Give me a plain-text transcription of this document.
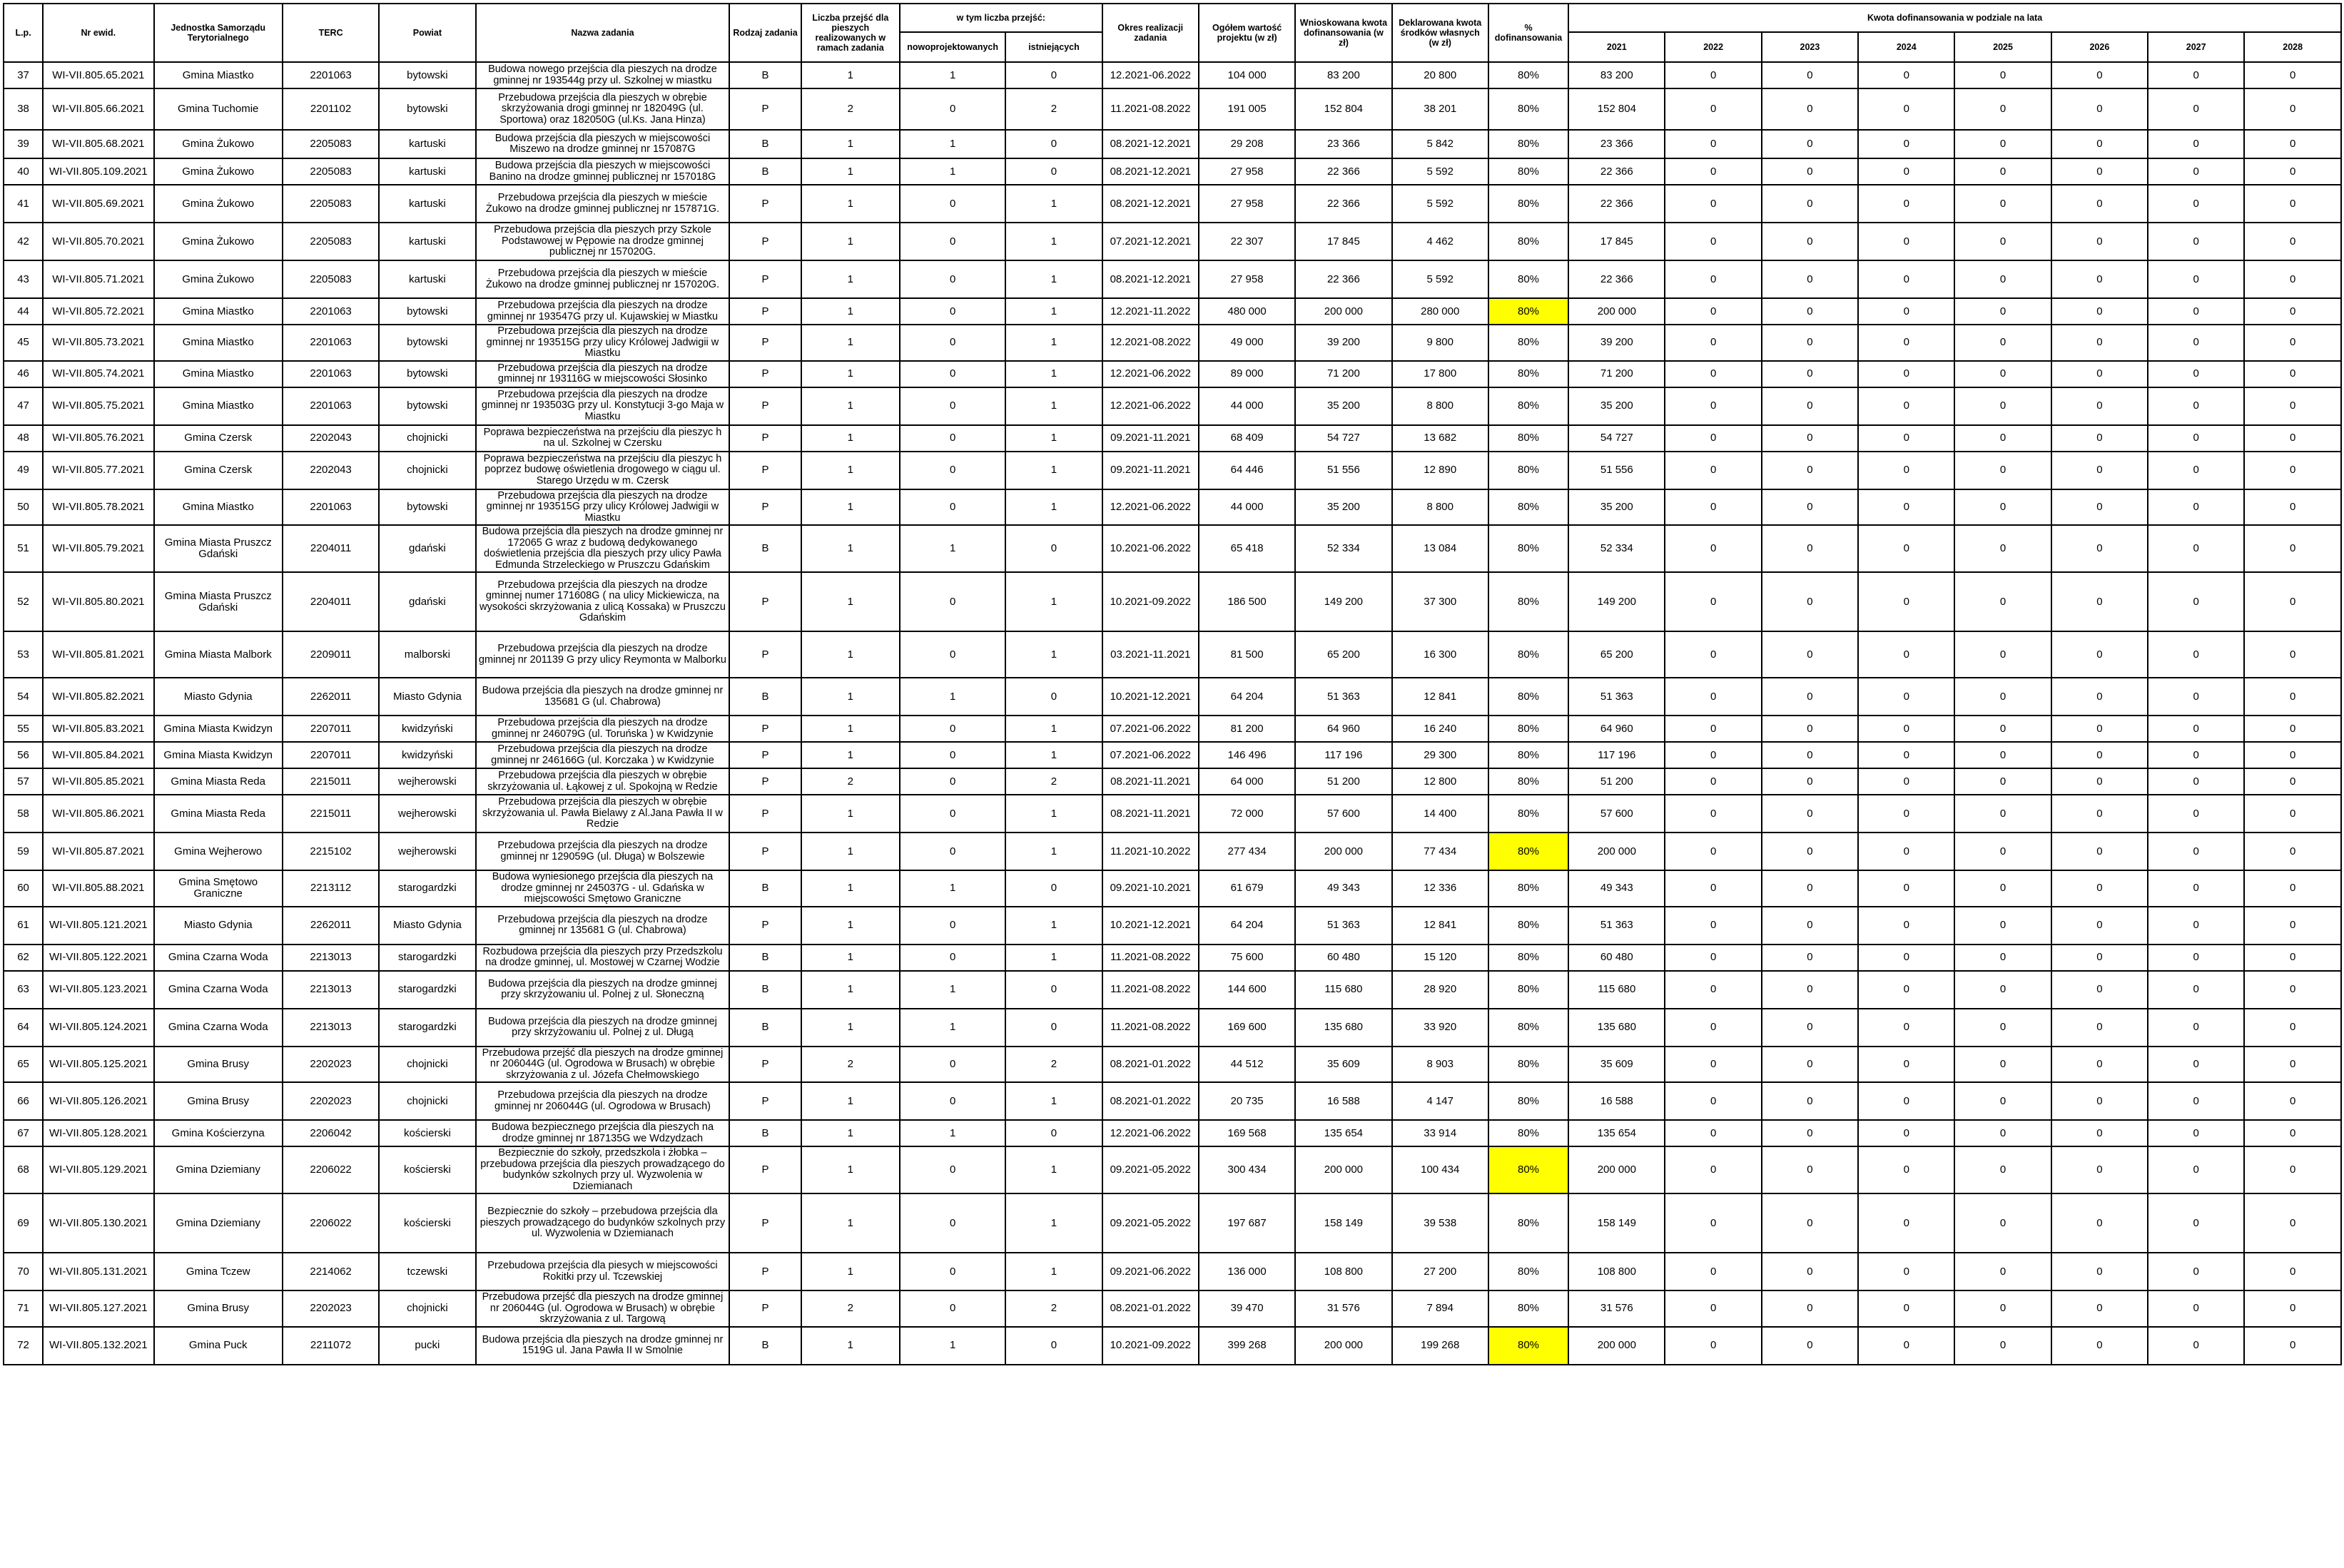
L.p.	Nr ewid.	Jednostka Samorządu Terytorialnego	TERC	Powiat	Nazwa zadania	Rodzaj zadania	Liczba przejść dla pieszych realizowanych w ramach zadania	w tym liczba przejść:		Okres realizacji zadania	Ogółem wartość projektu (w zł)	Wnioskowana kwota dofinansowania (w zł)	Deklarowana kwota środków własnych (w zł)	% dofinansowania	Kwota dofinansowania w podziale na lata							
								nowoprojektowanych	istniejących						2021	2022	2023	2024	2025	2026	2027	2028
37	WI-VII.805.65.2021	Gmina Miastko	2201063	bytowski	Budowa nowego przejścia dla pieszych na drodze gminnej nr 193544g przy ul. Szkolnej w miastku	B	1	1	0	12.2021-06.2022	104 000	83 200	20 800	80%	83 200	0	0	0	0	0	0	0
38	WI-VII.805.66.2021	Gmina Tuchomie	2201102	bytowski	Przebudowa przejścia dla pieszych w obrębie skrzyżowania drogi gminnej nr 182049G (ul. Sportowa) oraz 182050G (ul.Ks. Jana Hinza)	P	2	0	2	11.2021-08.2022	191 005	152 804	38 201	80%	152 804	0	0	0	0	0	0	0
39	WI-VII.805.68.2021	Gmina Żukowo	2205083	kartuski	Budowa przejścia dla pieszych w miejscowości Miszewo na drodze gminnej nr 157087G	B	1	1	0	08.2021-12.2021	29 208	23 366	5 842	80%	23 366	0	0	0	0	0	0	0
40	WI-VII.805.109.2021	Gmina Żukowo	2205083	kartuski	Budowa przejścia dla pieszych w miejscowości Banino na drodze gminnej publicznej nr 157018G	B	1	1	0	08.2021-12.2021	27 958	22 366	5 592	80%	22 366	0	0	0	0	0	0	0
41	WI-VII.805.69.2021	Gmina Żukowo	2205083	kartuski	Przebudowa przejścia dla pieszych w mieście Żukowo na drodze gminnej publicznej nr 157871G.	P	1	0	1	08.2021-12.2021	27 958	22 366	5 592	80%	22 366	0	0	0	0	0	0	0
42	WI-VII.805.70.2021	Gmina Żukowo	2205083	kartuski	Przebudowa przejścia dla pieszych przy Szkole Podstawowej w Pępowie na drodze gminnej publicznej nr 157020G.	P	1	0	1	07.2021-12.2021	22 307	17 845	4 462	80%	17 845	0	0	0	0	0	0	0
43	WI-VII.805.71.2021	Gmina Żukowo	2205083	kartuski	Przebudowa przejścia dla pieszych w mieście Żukowo na drodze gminnej publicznej nr 157020G.	P	1	0	1	08.2021-12.2021	27 958	22 366	5 592	80%	22 366	0	0	0	0	0	0	0
44	WI-VII.805.72.2021	Gmina Miastko	2201063	bytowski	Przebudowa przejścia dla pieszych na drodze gminnej nr 193547G przy ul. Kujawskiej w Miastku	P	1	0	1	12.2021-11.2022	480 000	200 000	280 000	80%	200 000	0	0	0	0	0	0	0
45	WI-VII.805.73.2021	Gmina Miastko	2201063	bytowski	Przebudowa przejścia dla pieszych na drodze gminnej nr 193515G przy ulicy Królowej Jadwigii w Miastku	P	1	0	1	12.2021-08.2022	49 000	39 200	9 800	80%	39 200	0	0	0	0	0	0	0
46	WI-VII.805.74.2021	Gmina Miastko	2201063	bytowski	Przebudowa przejścia dla pieszych na drodze gminnej nr 193116G w miejscowości Słosinko	P	1	0	1	12.2021-06.2022	89 000	71 200	17 800	80%	71 200	0	0	0	0	0	0	0
47	WI-VII.805.75.2021	Gmina Miastko	2201063	bytowski	Przebudowa przejścia dla pieszych na drodze gminnej nr 193503G przy ul. Konstytucji 3-go Maja w Miastku	P	1	0	1	12.2021-06.2022	44 000	35 200	8 800	80%	35 200	0	0	0	0	0	0	0
48	WI-VII.805.76.2021	Gmina Czersk	2202043	chojnicki	Poprawa bezpieczeństwa na przejściu dla pieszyc h na ul. Szkolnej w Czersku	P	1	0	1	09.2021-11.2021	68 409	54 727	13 682	80%	54 727	0	0	0	0	0	0	0
49	WI-VII.805.77.2021	Gmina Czersk	2202043	chojnicki	Poprawa bezpieczeństwa na przejściu dla pieszyc h poprzez budowę oświetlenia drogowego w ciągu ul. Starego Urzędu w m. Czersk	P	1	0	1	09.2021-11.2021	64 446	51 556	12 890	80%	51 556	0	0	0	0	0	0	0
50	WI-VII.805.78.2021	Gmina Miastko	2201063	bytowski	Przebudowa przejścia dla pieszych na drodze gminnej nr 193515G przy ulicy Królowej Jadwigii w Miastku	P	1	0	1	12.2021-06.2022	44 000	35 200	8 800	80%	35 200	0	0	0	0	0	0	0
51	WI-VII.805.79.2021	Gmina Miasta Pruszcz Gdański	2204011	gdański	Budowa przejścia dla pieszych na drodze gminnej nr 172065 G wraz z budową dedykowanego doświetlenia przejścia dla pieszych przy ulicy Pawła Edmunda Strzeleckiego w Pruszczu Gdańskim	B	1	1	0	10.2021-06.2022	65 418	52 334	13 084	80%	52 334	0	0	0	0	0	0	0
52	WI-VII.805.80.2021	Gmina Miasta Pruszcz Gdański	2204011	gdański	Przebudowa przejścia dla pieszych na drodze gminnej numer 171608G ( na ulicy Mickiewicza, na wysokości skrzyżowania z ulicą Kossaka) w Pruszczu Gdańskim	P	1	0	1	10.2021-09.2022	186 500	149 200	37 300	80%	149 200	0	0	0	0	0	0	0
53	WI-VII.805.81.2021	Gmina Miasta Malbork	2209011	malborski	Przebudowa przejścia dla pieszych na drodze gminnej nr 201139 G przy ulicy Reymonta w Malborku	P	1	0	1	03.2021-11.2021	81 500	65 200	16 300	80%	65 200	0	0	0	0	0	0	0
54	WI-VII.805.82.2021	Miasto Gdynia	2262011	Miasto Gdynia	Budowa przejścia dla pieszych na drodze gminnej nr 135681 G (ul. Chabrowa)	B	1	1	0	10.2021-12.2021	64 204	51 363	12 841	80%	51 363	0	0	0	0	0	0	0
55	WI-VII.805.83.2021	Gmina Miasta Kwidzyn	2207011	kwidzyński	Przebudowa przejścia dla pieszych na drodze gminnej nr 246079G (ul. Toruńska ) w Kwidzynie	P	1	0	1	07.2021-06.2022	81 200	64 960	16 240	80%	64 960	0	0	0	0	0	0	0
56	WI-VII.805.84.2021	Gmina Miasta Kwidzyn	2207011	kwidzyński	Przebudowa przejścia dla pieszych na drodze gminnej nr 246166G (ul. Korczaka ) w Kwidzynie	P	1	0	1	07.2021-06.2022	146 496	117 196	29 300	80%	117 196	0	0	0	0	0	0	0
57	WI-VII.805.85.2021	Gmina Miasta Reda	2215011	wejherowski	Przebudowa przejścia dla pieszych w obrębie skrzyżowania ul. Łąkowej z ul. Spokojną w Redzie	P	2	0	2	08.2021-11.2021	64 000	51 200	12 800	80%	51 200	0	0	0	0	0	0	0
58	WI-VII.805.86.2021	Gmina Miasta Reda	2215011	wejherowski	Przebudowa przejścia dla pieszych w obrębie skrzyżowania ul. Pawła Bielawy z Al.Jana Pawła II w Redzie	P	1	0	1	08.2021-11.2021	72 000	57 600	14 400	80%	57 600	0	0	0	0	0	0	0
59	WI-VII.805.87.2021	Gmina Wejherowo	2215102	wejherowski	Przebudowa przejścia dla pieszych na drodze gminnej nr 129059G (ul. Długa) w Bolszewie	P	1	0	1	11.2021-10.2022	277 434	200 000	77 434	80%	200 000	0	0	0	0	0	0	0
60	WI-VII.805.88.2021	Gmina Smętowo Graniczne	2213112	starogardzki	Budowa wyniesionego przejścia dla pieszych na drodze gminnej nr 245037G - ul. Gdańska w miejscowości Smętowo Graniczne	B	1	1	0	09.2021-10.2021	61 679	49 343	12 336	80%	49 343	0	0	0	0	0	0	0
61	WI-VII.805.121.2021	Miasto Gdynia	2262011	Miasto Gdynia	Przebudowa przejścia dla pieszych na drodze gminnej nr 135681 G (ul. Chabrowa)	P	1	0	1	10.2021-12.2021	64 204	51 363	12 841	80%	51 363	0	0	0	0	0	0	0
62	WI-VII.805.122.2021	Gmina Czarna Woda	2213013	starogardzki	Rozbudowa przejścia dla pieszych przy Przedszkolu na drodze gminnej, ul. Mostowej w Czarnej Wodzie	B	1	0	1	11.2021-08.2022	75 600	60 480	15 120	80%	60 480	0	0	0	0	0	0	0
63	WI-VII.805.123.2021	Gmina Czarna Woda	2213013	starogardzki	Budowa przejścia dla pieszych na drodze gminnej przy skrzyżowaniu ul. Polnej z ul. Słoneczną	B	1	1	0	11.2021-08.2022	144 600	115 680	28 920	80%	115 680	0	0	0	0	0	0	0
64	WI-VII.805.124.2021	Gmina Czarna Woda	2213013	starogardzki	Budowa przejścia dla pieszych na drodze gminnej przy skrzyżowaniu ul. Polnej z ul. Długą	B	1	1	0	11.2021-08.2022	169 600	135 680	33 920	80%	135 680	0	0	0	0	0	0	0
65	WI-VII.805.125.2021	Gmina Brusy	2202023	chojnicki	Przebudowa przejść dla pieszych na drodze gminnej nr 206044G (ul. Ogrodowa w Brusach) w obrębie skrzyżowania z ul. Józefa Chełmowskiego	P	2	0	2	08.2021-01.2022	44 512	35 609	8 903	80%	35 609	0	0	0	0	0	0	0
66	WI-VII.805.126.2021	Gmina Brusy	2202023	chojnicki	Przebudowa przejścia dla pieszych na drodze gminnej nr 206044G (ul. Ogrodowa w Brusach)	P	1	0	1	08.2021-01.2022	20 735	16 588	4 147	80%	16 588	0	0	0	0	0	0	0
67	WI-VII.805.128.2021	Gmina Kościerzyna	2206042	kościerski	Budowa bezpiecznego przejścia dla pieszych na drodze gminnej nr 187135G we Wdzydzach	B	1	1	0	12.2021-06.2022	169 568	135 654	33 914	80%	135 654	0	0	0	0	0	0	0
68	WI-VII.805.129.2021	Gmina Dziemiany	2206022	kościerski	Bezpiecznie do szkoły, przedszkola i żłobka – przebudowa przejścia dla pieszych prowadzącego do budynków szkolnych przy ul. Wyzwolenia w Dziemianach	P	1	0	1	09.2021-05.2022	300 434	200 000	100 434	80%	200 000	0	0	0	0	0	0	0
69	WI-VII.805.130.2021	Gmina Dziemiany	2206022	kościerski	Bezpiecznie do szkoły – przebudowa przejścia dla pieszych prowadzącego do budynków szkolnych przy ul. Wyzwolenia w Dziemianach	P	1	0	1	09.2021-05.2022	197 687	158 149	39 538	80%	158 149	0	0	0	0	0	0	0
70	WI-VII.805.131.2021	Gmina Tczew	2214062	tczewski	Przebudowa przejścia dla piesych w miejscowości Rokitki przy ul. Tczewskiej	P	1	0	1	09.2021-06.2022	136 000	108 800	27 200	80%	108 800	0	0	0	0	0	0	0
71	WI-VII.805.127.2021	Gmina Brusy	2202023	chojnicki	Przebudowa przejść dla pieszych na drodze gminnej nr 206044G (ul. Ogrodowa w Brusach) w obrębie skrzyżowania z ul. Targową	P	2	0	2	08.2021-01.2022	39 470	31 576	7 894	80%	31 576	0	0	0	0	0	0	0
72	WI-VII.805.132.2021	Gmina Puck	2211072	pucki	Budowa przejścia dla pieszych na drodze gminnej nr 1519G ul. Jana Pawła II w Smolnie	B	1	1	0	10.2021-09.2022	399 268	200 000	199 268	80%	200 000	0	0	0	0	0	0	0
